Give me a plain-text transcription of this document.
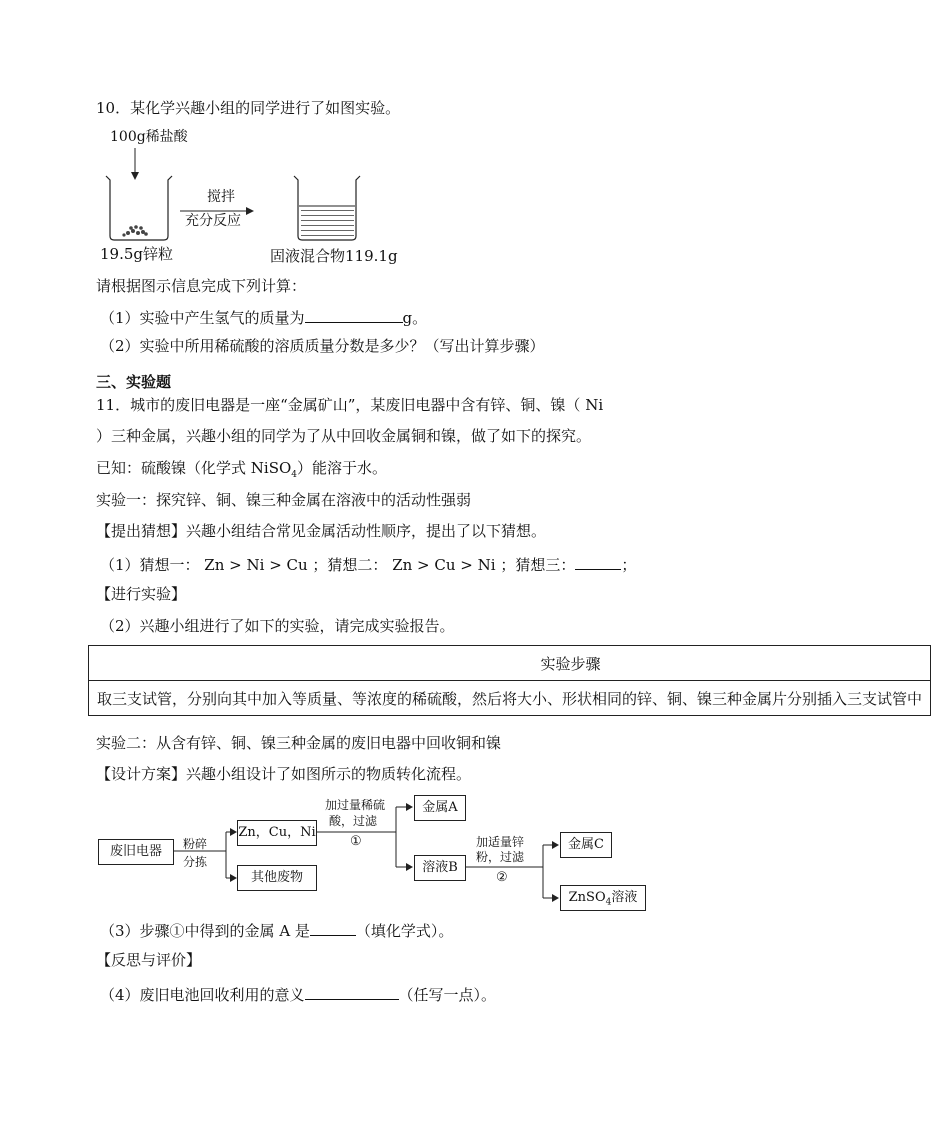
10．某化学兴趣小组的同学进行了如图实验。
100g稀盐酸
搅拌
充分反应
19.5g锌粒	固液混合物119.1g
请根据图示信息完成下列计算：
（1）实验中产生氢气的质量为	g。
（2）实验中所用稀硫酸的溶质质量分数是多少？（写出计算步骤）
三、实验题
11．城市的废旧电器是一座“金属矿山”，某废旧电器中含有锌、铜、镍（ Ni
）三种金属，兴趣小组的同学为了从中回收金属铜和镍，做了如下的探究。
已知：硫酸镍（化学式 NiSO$_4$）能溶于水。
实验一：探究锌、铜、镍三种金属在溶液中的活动性强弱
【提出猜想】兴趣小组结合常见金属活动性顺序，提出了以下猜想。
（1）猜想一： Zn > Ni > Cu ；猜想二： Zn > Cu > Ni ；猜想三：	；
【进行实验】
（2）兴趣小组进行了如下的实验，请完成实验报告。
实验步骤
取三支试管，分别向其中加入等质量、等浓度的稀硫酸，然后将大小、形状相同的锌、铜、镍三种金属片分别插入三支试管中
实验二：从含有锌、铜、镍三种金属的废旧电器中回收铜和镍
【设计方案】兴趣小组设计了如图所示的物质转化流程。
废旧电器	粉碎
分拣
Zn，Cu，Ni
其他废物
加过量稀硫
酸，过滤
①
金属A
溶液B
加适量锌
粉，过滤
②
金属C
ZnSO$_4$溶液
（3）步骤①中得到的金属 A 是	（填化学式）。
【反思与评价】
（4）废旧电池回收利用的意义	（任写一点）。
